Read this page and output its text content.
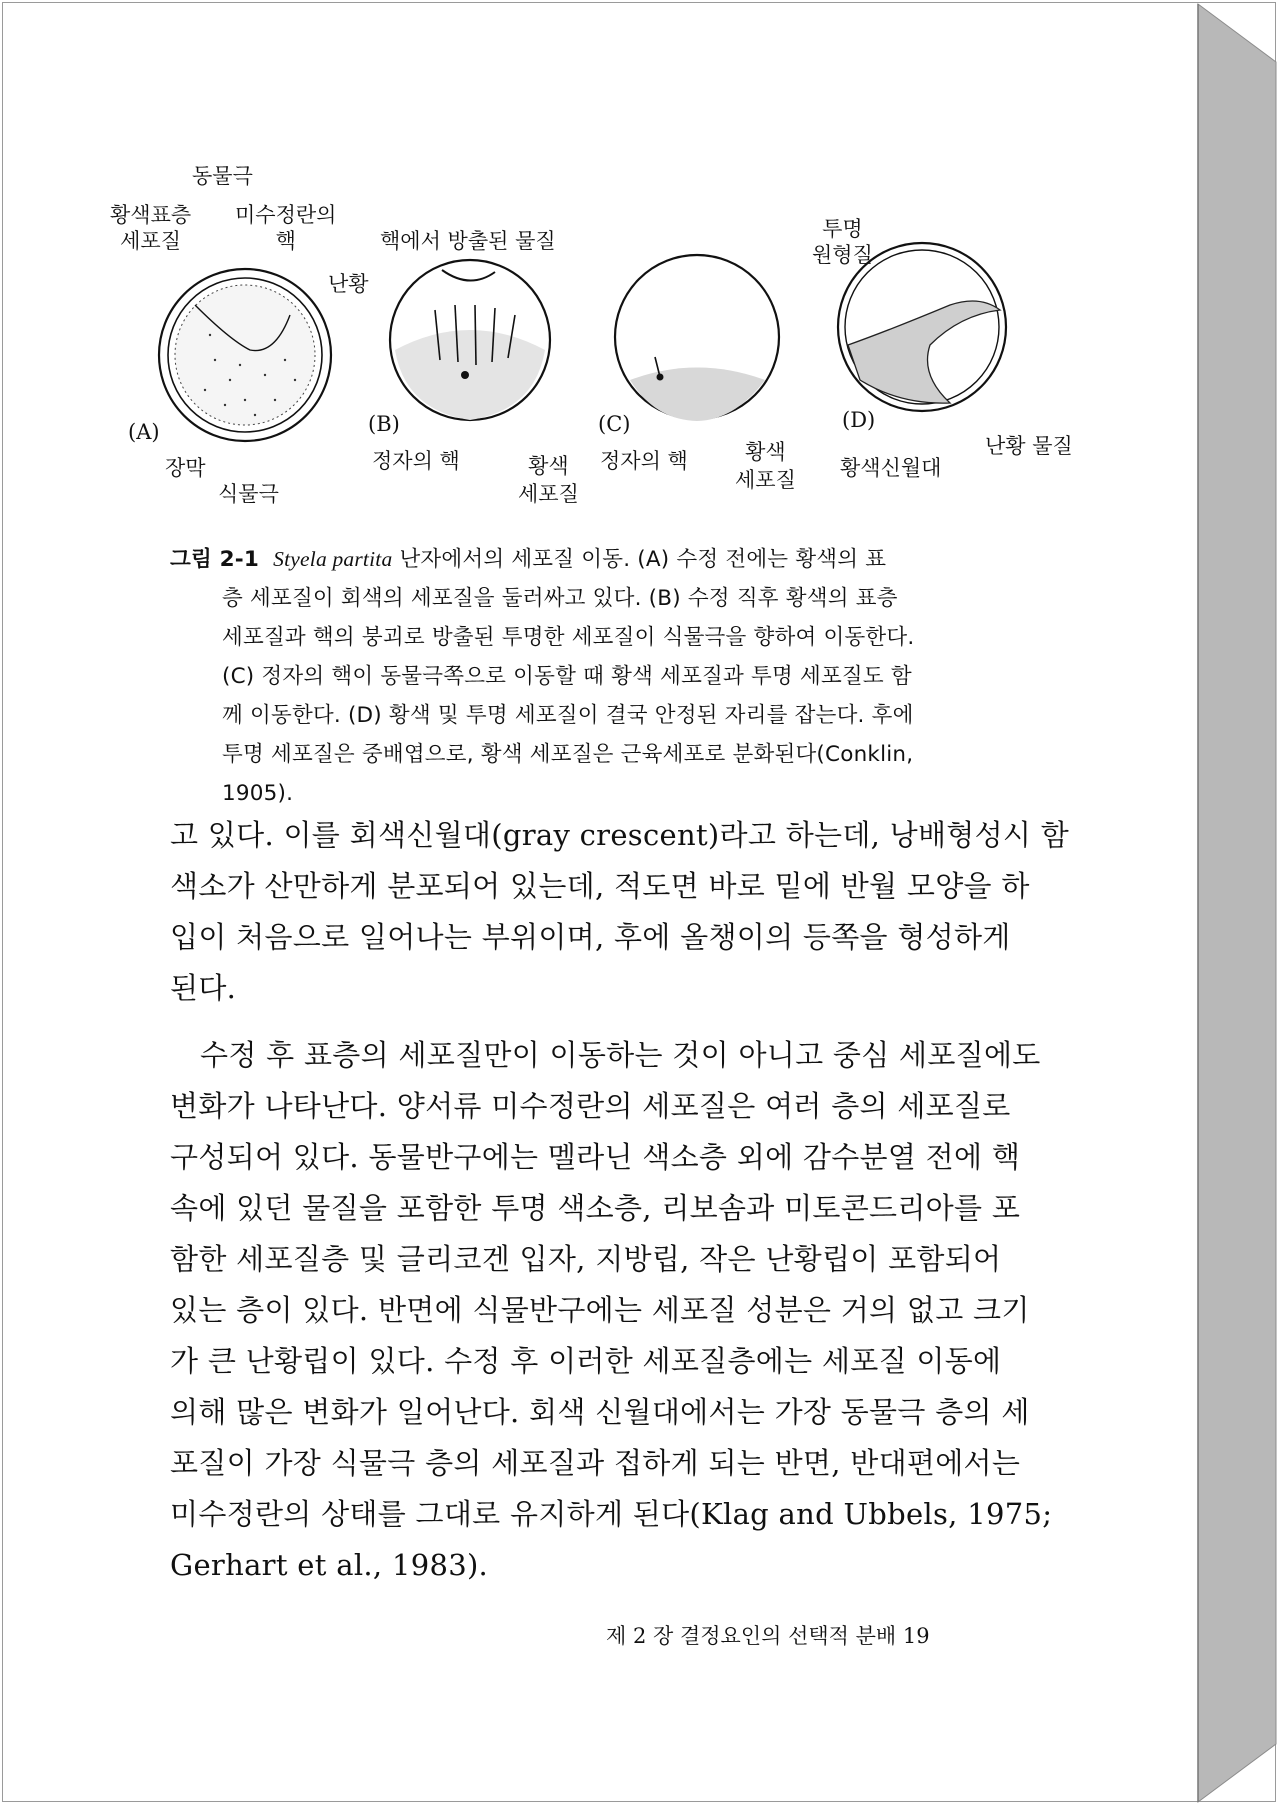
동물극
황색표층
세포질
미수정란의
핵	핵에서 방출된 물질
난황
투명
원형질
(A)	(B)	(C)	(D)
장막
식물극
정자의 핵	황색
세포질
정자의 핵	황색
세포질 황색신월대
난황 물질
그림 2-1 Styela partita 난자에서의 세포질 이동. (A) 수정 전에는 황색의 표
층 세포질이 회색의 세포질을 둘러싸고 있다. (B) 수정 직후 황색의 표층
세포질과 핵의 붕괴로 방출된 투명한 세포질이 식물극을 향하여 이동한다.
(C) 정자의 핵이 동물극쪽으로 이동할 때 황색 세포질과 투명 세포질도 함
께 이동한다. (D) 황색 및 투명 세포질이 결국 안정된 자리를 잡는다. 후에
투명 세포질은 중배엽으로, 황색 세포질은 근육세포로 분화된다(Conklin,
1905).
고 있다. 이를 회색신월대(gray crescent)라고 하는데, 낭배형성시 함
색소가 산만하게 분포되어 있는데, 적도면 바로 밑에 반월 모양을 하
입이 처음으로 일어나는 부위이며, 후에 올챙이의 등쪽을 형성하게
된다.
수정 후 표층의 세포질만이 이동하는 것이 아니고 중심 세포질에도
변화가 나타난다. 양서류 미수정란의 세포질은 여러 층의 세포질로
구성되어 있다. 동물반구에는 멜라닌 색소층 외에 감수분열 전에 핵
속에 있던 물질을 포함한 투명 색소층, 리보솜과 미토콘드리아를 포
함한 세포질층 및 글리코겐 입자, 지방립, 작은 난황립이 포함되어
있는 층이 있다. 반면에 식물반구에는 세포질 성분은 거의 없고 크기
가 큰 난황립이 있다. 수정 후 이러한 세포질층에는 세포질 이동에
의해 많은 변화가 일어난다. 회색 신월대에서는 가장 동물극 층의 세
포질이 가장 식물극 층의 세포질과 접하게 되는 반면, 반대편에서는
미수정란의 상태를 그대로 유지하게 된다(Klag and Ubbels, 1975;
Gerhart et al., 1983).
제 2 장 결정요인의 선택적 분배 19
